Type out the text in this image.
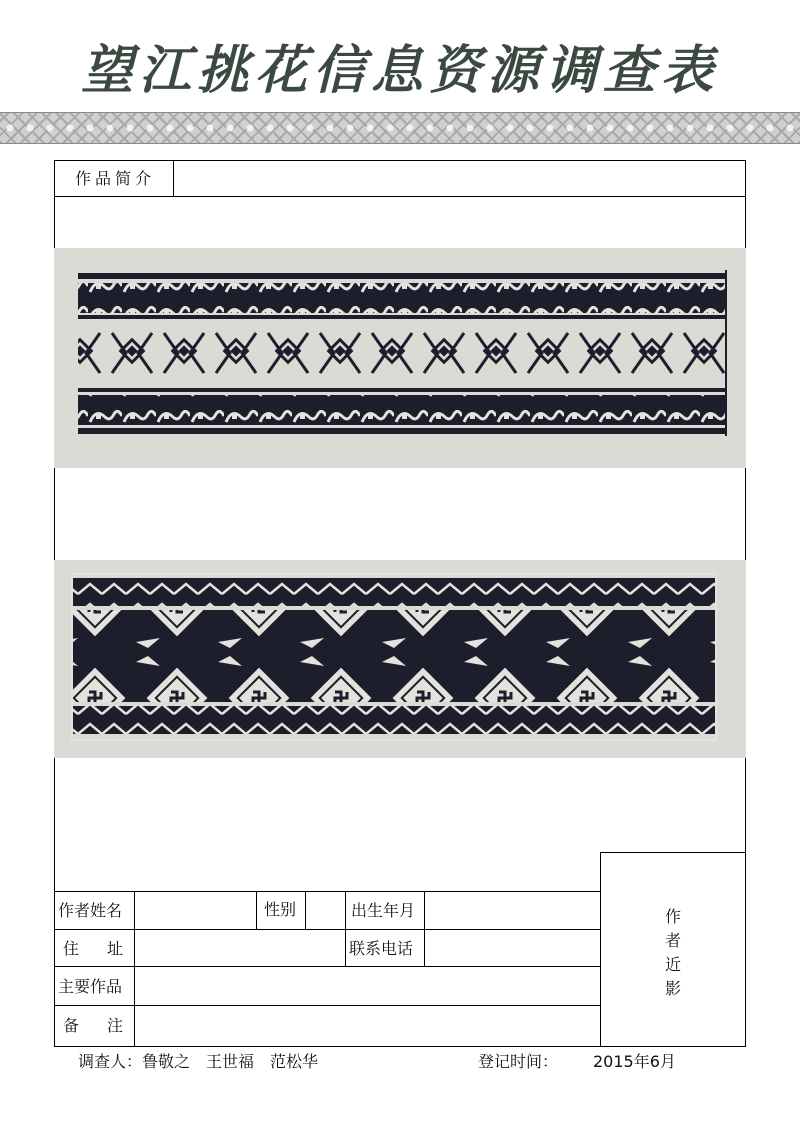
望江挑花信息资源调查表
作品简介
作
者
近
影
作者姓名	性别	出生年月
住 址	联系电话
主要作品
备 注
调查人：鲁敬之　王世福　范松华	登记时间： 2015年6月
